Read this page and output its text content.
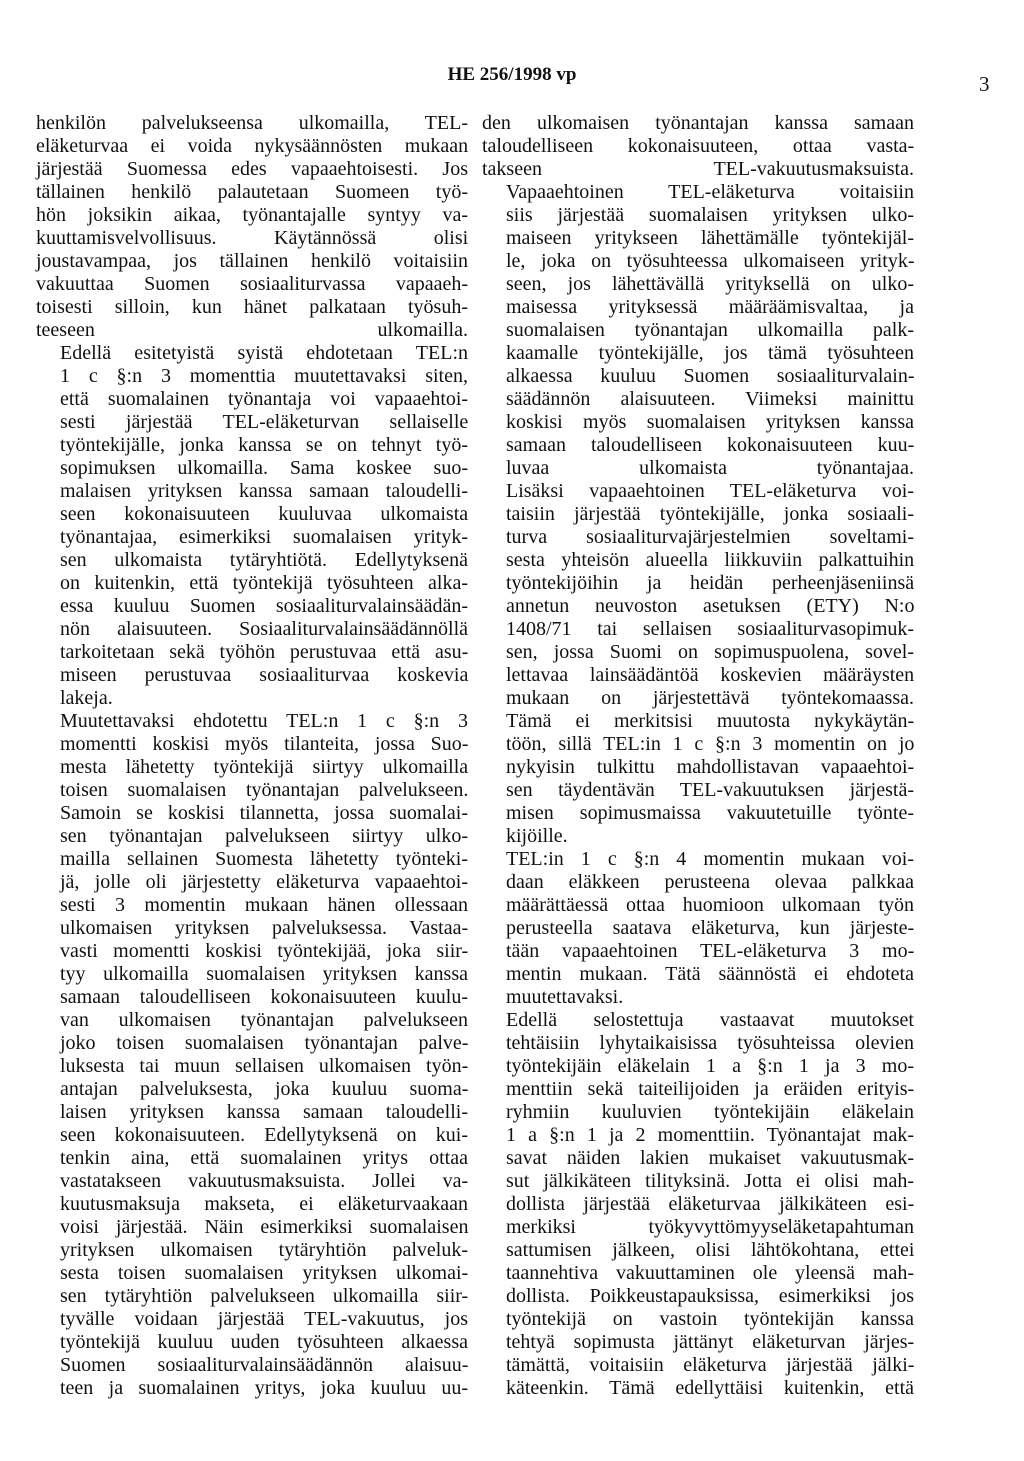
HE 256/1998 vp	3
henkilön palvelukseensa ulkomailla, TEL-
eläketurvaa ei voida nykysäännösten mukaan
järjestää Suomessa edes vapaaehtoisesti. Jos
tällainen henkilö palautetaan Suomeen työ-
hön joksikin aikaa, työnantajalle syntyy va-
kuuttamisvelvollisuus. Käytännössä olisi
joustavampaa, jos tällainen henkilö voitaisiin
vakuuttaa Suomen sosiaaliturvassa vapaaeh-
toisesti silloin, kun hänet palkataan työsuh-
teeseen ulkomailla.
Edellä esitetyistä syistä ehdotetaan TEL:n
1 c §:n 3 momenttia muutettavaksi siten,
että suomalainen työnantaja voi vapaaehtoi-
sesti järjestää TEL-eläketurvan sellaiselle
työntekijälle, jonka kanssa se on tehnyt työ-
sopimuksen ulkomailla. Sama koskee suo-
malaisen yrityksen kanssa samaan taloudelli-
seen kokonaisuuteen kuuluvaa ulkomaista
työnantajaa, esimerkiksi suomalaisen yrityk-
sen ulkomaista tytäryhtiötä. Edellytyksenä
on kuitenkin, että työntekijä työsuhteen alka-
essa kuuluu Suomen sosiaaliturvalainsäädän-
nön alaisuuteen. Sosiaaliturvalainsäädännöllä
tarkoitetaan sekä työhön perustuvaa että asu-
miseen perustuvaa sosiaaliturvaa koskevia
lakeja.
Muutettavaksi ehdotettu TEL:n 1 c §:n 3
momentti koskisi myös tilanteita, jossa Suo-
mesta lähetetty työntekijä siirtyy ulkomailla
toisen suomalaisen työnantajan palvelukseen.
Samoin se koskisi tilannetta, jossa suomalai-
sen työnantajan palvelukseen siirtyy ulko-
mailla sellainen Suomesta lähetetty työnteki-
jä, jolle oli järjestetty eläketurva vapaaehtoi-
sesti 3 momentin mukaan hänen ollessaan
ulkomaisen yrityksen palveluksessa. Vastaa-
vasti momentti koskisi työntekijää, joka siir-
tyy ulkomailla suomalaisen yrityksen kanssa
samaan taloudelliseen kokonaisuuteen kuulu-
van ulkomaisen työnantajan palvelukseen
joko toisen suomalaisen työnantajan palve-
luksesta tai muun sellaisen ulkomaisen työn-
antajan palveluksesta, joka kuuluu suoma-
laisen yrityksen kanssa samaan taloudelli-
seen kokonaisuuteen. Edellytyksenä on kui-
tenkin aina, että suomalainen yritys ottaa
vastatakseen vakuutusmaksuista. Jollei va-
kuutusmaksuja makseta, ei eläketurvaakaan
voisi järjestää. Näin esimerkiksi suomalaisen
yrityksen ulkomaisen tytäryhtiön palveluk-
sesta toisen suomalaisen yrityksen ulkomai-
sen tytäryhtiön palvelukseen ulkomailla siir-
tyvälle voidaan järjestää TEL-vakuutus, jos
työntekijä kuuluu uuden työsuhteen alkaessa
Suomen sosiaaliturvalainsäädännön alaisuu-
teen ja suomalainen yritys, joka kuuluu uu-
den ulkomaisen työnantajan kanssa samaan
taloudelliseen kokonaisuuteen, ottaa vasta-
takseen TEL-vakuutusmaksuista.
Vapaaehtoinen TEL-eläketurva voitaisiin
siis järjestää suomalaisen yrityksen ulko-
maiseen yritykseen lähettämälle työntekijäl-
le, joka on työsuhteessa ulkomaiseen yrityk-
seen, jos lähettävällä yrityksellä on ulko-
maisessa yrityksessä määräämisvaltaa, ja
suomalaisen työnantajan ulkomailla palk-
kaamalle työntekijälle, jos tämä työsuhteen
alkaessa kuuluu Suomen sosiaaliturvalain-
säädännön alaisuuteen. Viimeksi mainittu
koskisi myös suomalaisen yrityksen kanssa
samaan taloudelliseen kokonaisuuteen kuu-
luvaa ulkomaista työnantajaa.
Lisäksi vapaaehtoinen TEL-eläketurva voi-
taisiin järjestää työntekijälle, jonka sosiaali-
turva sosiaaliturvajärjestelmien soveltami-
sesta yhteisön alueella liikkuviin palkattuihin
työntekijöihin ja heidän perheenjäseniinsä
annetun neuvoston asetuksen (ETY) N:o
1408/71 tai sellaisen sosiaaliturvasopimuk-
sen, jossa Suomi on sopimuspuolena, sovel-
lettavaa lainsäädäntöä koskevien määräysten
mukaan on järjestettävä työntekomaassa.
Tämä ei merkitsisi muutosta nykykäytän-
töön, sillä TEL:in 1 c §:n 3 momentin on jo
nykyisin tulkittu mahdollistavan vapaaehtoi-
sen täydentävän TEL-vakuutuksen järjestä-
misen sopimusmaissa vakuutetuille työnte-
kijöille.
TEL:in 1 c §:n 4 momentin mukaan voi-
daan eläkkeen perusteena olevaa palkkaa
määrättäessä ottaa huomioon ulkomaan työn
perusteella saatava eläketurva, kun järjeste-
tään vapaaehtoinen TEL-eläketurva 3 mo-
mentin mukaan. Tätä säännöstä ei ehdoteta
muutettavaksi.
Edellä selostettuja vastaavat muutokset
tehtäisiin lyhytaikaisissa työsuhteissa olevien
työntekijäin eläkelain 1 a §:n 1 ja 3 mo-
menttiin sekä taiteilijoiden ja eräiden erityis-
ryhmiin kuuluvien työntekijäin eläkelain
1 a §:n 1 ja 2 momenttiin. Työnantajat mak-
savat näiden lakien mukaiset vakuutusmak-
sut jälkikäteen tilityksinä. Jotta ei olisi mah-
dollista järjestää eläketurvaa jälkikäteen esi-
merkiksi työkyvyttömyyseläketapahtuman
sattumisen jälkeen, olisi lähtökohtana, ettei
taannehtiva vakuuttaminen ole yleensä mah-
dollista. Poikkeustapauksissa, esimerkiksi jos
työntekijä on vastoin työntekijän kanssa
tehtyä sopimusta jättänyt eläketurvan järjes-
tämättä, voitaisiin eläketurva järjestää jälki-
käteenkin. Tämä edellyttäisi kuitenkin, että
